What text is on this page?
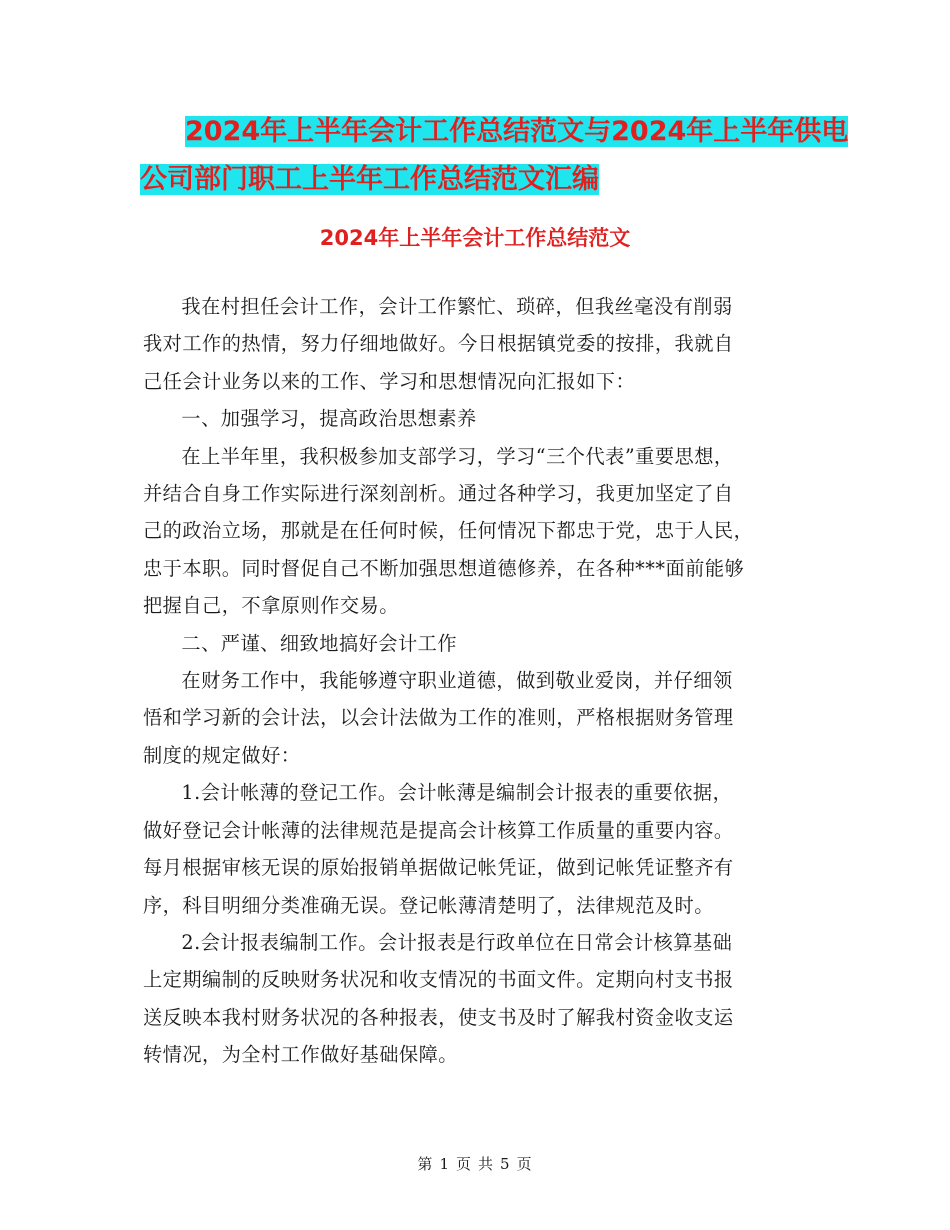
2024年上半年会计工作总结范文与2024年上半年供电
公司部门职工上半年工作总结范文汇编
2024年上半年会计工作总结范文

我在村担任会计工作，会计工作繁忙、琐碎，但我丝毫没有削弱
我对工作的热情，努力仔细地做好。今日根据镇党委的按排，我就自
己任会计业务以来的工作、学习和思想情况向汇报如下：

一、加强学习，提高政治思想素养

在上半年里，我积极参加支部学习，学习“三个代表”重要思想，
并结合自身工作实际进行深刻剖析。通过各种学习，我更加坚定了自
己的政治立场，那就是在任何时候，任何情况下都忠于党，忠于人民，
忠于本职。同时督促自己不断加强思想道德修养，在各种***面前能够
把握自己，不拿原则作交易。

二、严谨、细致地搞好会计工作

在财务工作中，我能够遵守职业道德，做到敬业爱岗，并仔细领
悟和学习新的会计法，以会计法做为工作的准则，严格根据财务管理
制度的规定做好：

1.会计帐薄的登记工作。会计帐薄是编制会计报表的重要依据，
做好登记会计帐薄的法律规范是提高会计核算工作质量的重要内容。
每月根据审核无误的原始报销单据做记帐凭证，做到记帐凭证整齐有
序，科目明细分类准确无误。登记帐薄清楚明了，法律规范及时。

2.会计报表编制工作。会计报表是行政单位在日常会计核算基础
上定期编制的反映财务状况和收支情况的书面文件。定期向村支书报
送反映本我村财务状况的各种报表，使支书及时了解我村资金收支运
转情况，为全村工作做好基础保障。

第 1 页 共 5 页
